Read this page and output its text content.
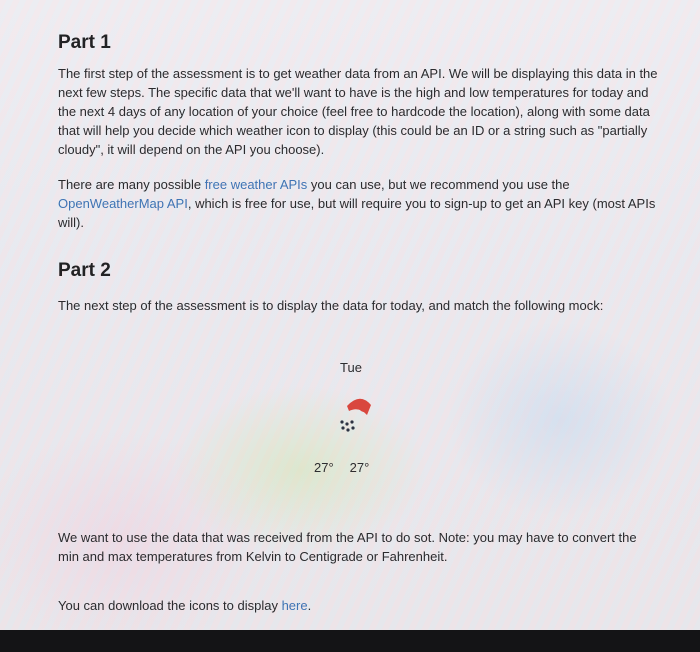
Part 1

The first step of the assessment is to get weather data from an API. We will be displaying this data in the next few steps. The specific data that we'll want to have is the high and low temperatures for today and the next 4 days of any location of your choice (feel free to hardcode the location), along with some data that will help you decide which weather icon to display (this could be an ID or a string such as "partially cloudy", it will depend on the API you choose).

There are many possible free weather APIs you can use, but we recommend you use the OpenWeatherMap API, which is free for use, but will require you to sign-up to get an API key (most APIs will).

Part 2

The next step of the assessment is to display the data for today, and match the following mock:

Tue
27° 27°

We want to use the data that was received from the API to do sot. Note: you may have to convert the min and max temperatures from Kelvin to Centigrade or Fahrenheit.

You can download the icons to display here.
